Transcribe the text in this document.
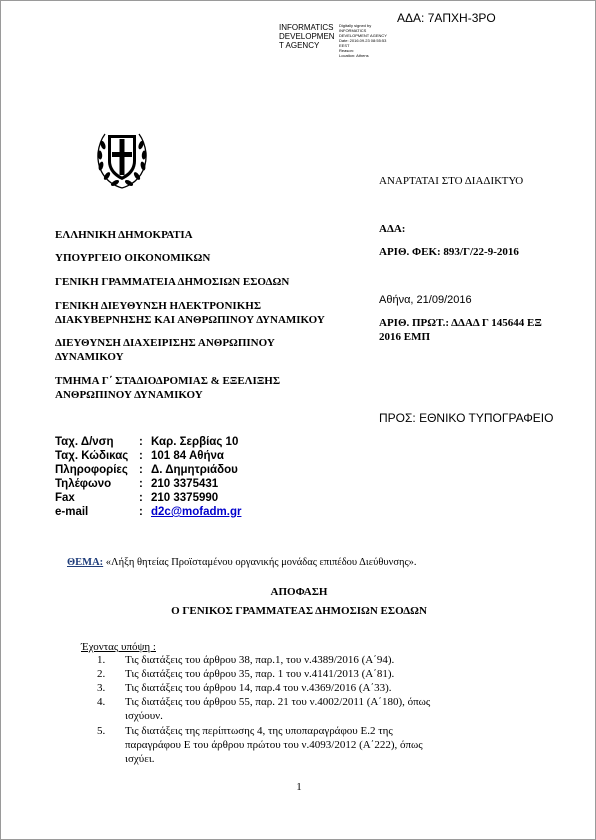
ΑΔΑ: 7ΑΠΧΗ-3ΡΟ
INFORMATICS
DEVELOPMEN
T AGENCY
Digitally signed by
INFORMATICS
DEVELOPMENT AGENCY
Date: 2016.09.23 08:55:53
EEST
Reason:
Location: Athens
ΕΛΛΗΝΙΚΗ ΔΗΜΟΚΡΑΤΙΑ
ΥΠΟΥΡΓΕΙΟ ΟΙΚΟΝΟΜΙΚΩΝ
ΓΕΝΙΚΗ ΓΡΑΜΜΑΤΕΙΑ ΔΗΜΟΣΙΩΝ ΕΣΟΔΩΝ
ΓΕΝΙΚΗ ΔΙΕΥΘΥΝΣΗ ΗΛΕΚΤΡΟΝΙΚΗΣ
ΔΙΑΚΥΒΕΡΝΗΣΗΣ ΚΑΙ ΑΝΘΡΩΠΙΝΟΥ ΔΥΝΑΜΙΚΟΥ
ΔΙΕΥΘΥΝΣΗ ΔΙΑΧΕΙΡΙΣΗΣ ΑΝΘΡΩΠΙΝΟΥ
ΔΥΝΑΜΙΚΟΥ
ΤΜΗΜΑ Γ΄ ΣΤΑΔΙΟΔΡΟΜΙΑΣ & ΕΞΕΛΙΞΗΣ
ΑΝΘΡΩΠΙΝΟΥ ΔΥΝΑΜΙΚΟΥ
ΑΝΑΡΤΑΤΑΙ ΣΤΟ ΔΙΑΔΙΚΤΥΟ
ΑΔΑ:
ΑΡΙΘ. ΦΕΚ: 893/Γ/22-9-2016
Αθήνα, 21/09/2016
ΑΡΙΘ. ΠΡΩΤ.: ΔΔΑΔ Γ 145644 ΕΞ
2016 ΕΜΠ
ΠΡΟΣ: ΕΘΝΙΚΟ ΤΥΠΟΓΡΑΦΕΙΟ
Ταχ. Δ/νση	:	Καρ. Σερβίας 10
Ταχ. Κώδικας	:	101 84 Αθήνα
Πληροφορίες	:	Δ. Δημητριάδου
Τηλέφωνο	:	210 3375431
Fax	:	210 3375990
e-mail	:	d2c@mofadm.gr
ΘΕΜΑ: «Λήξη θητείας Προϊσταμένου οργανικής μονάδας επιπέδου Διεύθυνσης».
ΑΠΟΦΑΣΗ
Ο ΓΕΝΙΚΟΣ ΓΡΑΜΜΑΤΕΑΣ ΔΗΜΟΣΙΩΝ ΕΣΟΔΩΝ
Έχοντας υπόψη :
1. Τις διατάξεις του άρθρου 38, παρ.1, του ν.4389/2016 (Α΄94).
2. Τις διατάξεις του άρθρου 35, παρ. 1 του ν.4141/2013 (Α΄81).
3. Τις διατάξεις του άρθρου 14, παρ.4 του ν.4369/2016 (Α΄33).
4. Τις διατάξεις του άρθρου 55, παρ. 21 του ν.4002/2011 (Α΄180), όπως
ισχύουν.
5. Τις διατάξεις της περίπτωσης 4, της υποπαραγράφου Ε.2 της
παραγράφου Ε του άρθρου πρώτου του ν.4093/2012 (Α΄222), όπως
ισχύει.
1
